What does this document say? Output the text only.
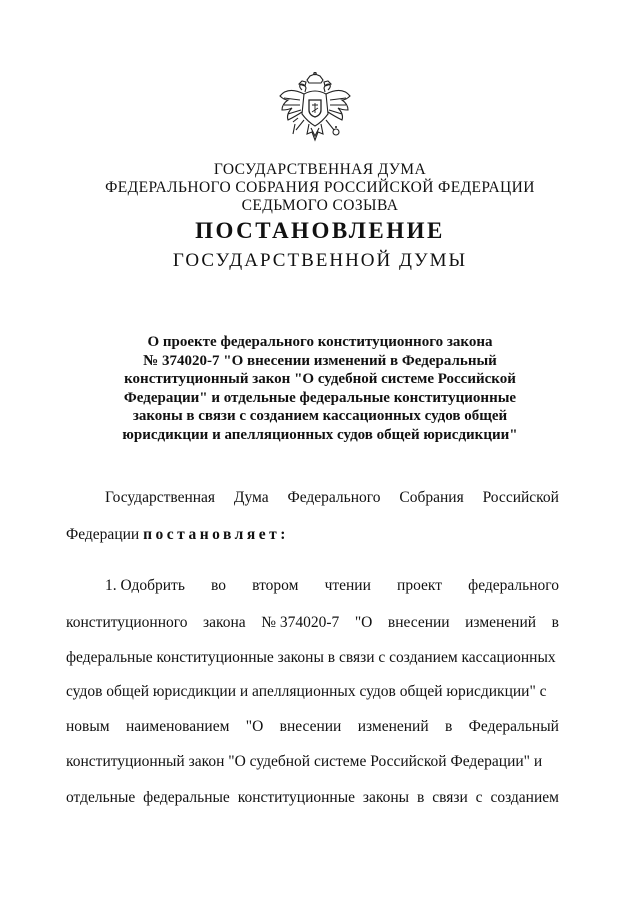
ГОСУДАРСТВЕННАЯ ДУМА
ФЕДЕРАЛЬНОГО СОБРАНИЯ РОССИЙСКОЙ ФЕДЕРАЦИИ
СЕДЬМОГО СОЗЫВА
ПОСТАНОВЛЕНИЕ
ГОСУДАРСТВЕННОЙ ДУМЫ
О проекте федерального конституционного закона
№ 374020-7 "О внесении изменений в Федеральный
конституционный закон "О судебной системе Российской
Федерации" и отдельные федеральные конституционные
законы в связи с созданием кассационных судов общей
юрисдикции и апелляционных судов общей юрисдикции"
Государственная Дума Федерального Собрания Российской
Федерации постановляет:
1. Одобрить во втором чтении проект федерального
конституционного закона № 374020-7 "О внесении изменений в
федеральные конституционные законы в связи с созданием кассационных
судов общей юрисдикции и апелляционных судов общей юрисдикции" с
новым наименованием "О внесении изменений в Федеральный
конституционный закон "О судебной системе Российской Федерации" и
отдельные федеральные конституционные законы в связи с созданием
